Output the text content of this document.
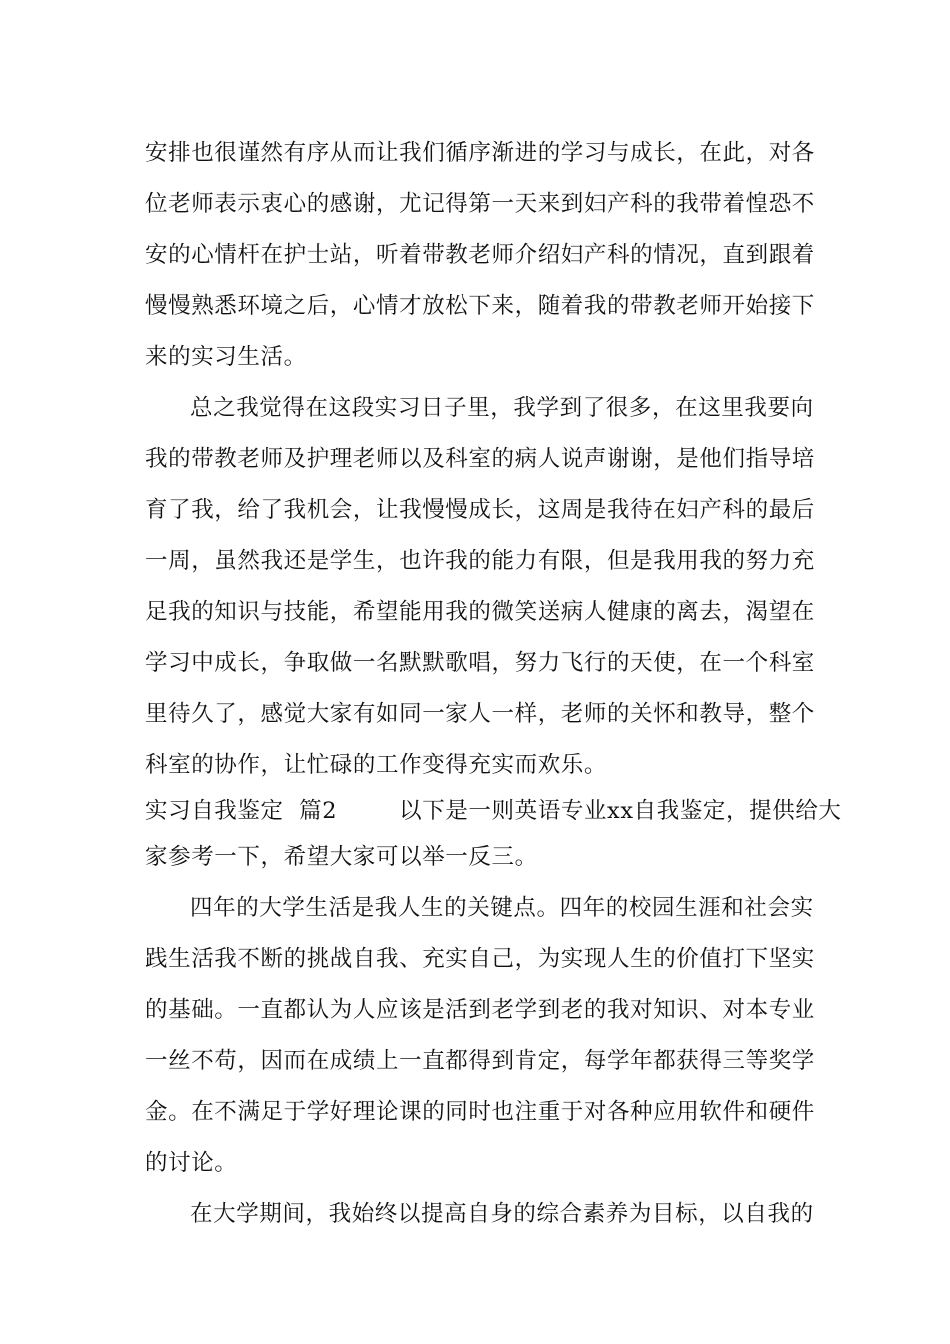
安排也很谨然有序从而让我们循序渐进的学习与成长，在此，对各
位老师表示衷心的感谢，尤记得第一天来到妇产科的我带着惶恐不
安的心情杆在护士站，听着带教老师介绍妇产科的情况，直到跟着
慢慢熟悉环境之后，心情才放松下来，随着我的带教老师开始接下
来的实习生活。
总之我觉得在这段实习日子里，我学到了很多，在这里我要向
我的带教老师及护理老师以及科室的病人说声谢谢，是他们指导培
育了我，给了我机会，让我慢慢成长，这周是我待在妇产科的最后
一周，虽然我还是学生，也许我的能力有限，但是我用我的努力充
足我的知识与技能，希望能用我的微笑送病人健康的离去，渴望在
学习中成长，争取做一名默默歌唱，努力飞行的天使，在一个科室
里待久了，感觉大家有如同一家人一样，老师的关怀和教导，整个
科室的协作，让忙碌的工作变得充实而欢乐。
实习自我鉴定  篇2        以下是一则英语专业xx自我鉴定，提供给大
家参考一下，希望大家可以举一反三。
四年的大学生活是我人生的关键点。四年的校园生涯和社会实
践生活我不断的挑战自我、充实自己，为实现人生的价值打下坚实
的基础。一直都认为人应该是活到老学到老的我对知识、对本专业
一丝不苟，因而在成绩上一直都得到肯定，每学年都获得三等奖学
金。在不满足于学好理论课的同时也注重于对各种应用软件和硬件
的讨论。
在大学期间，我始终以提高自身的综合素养为目标，以自我的
